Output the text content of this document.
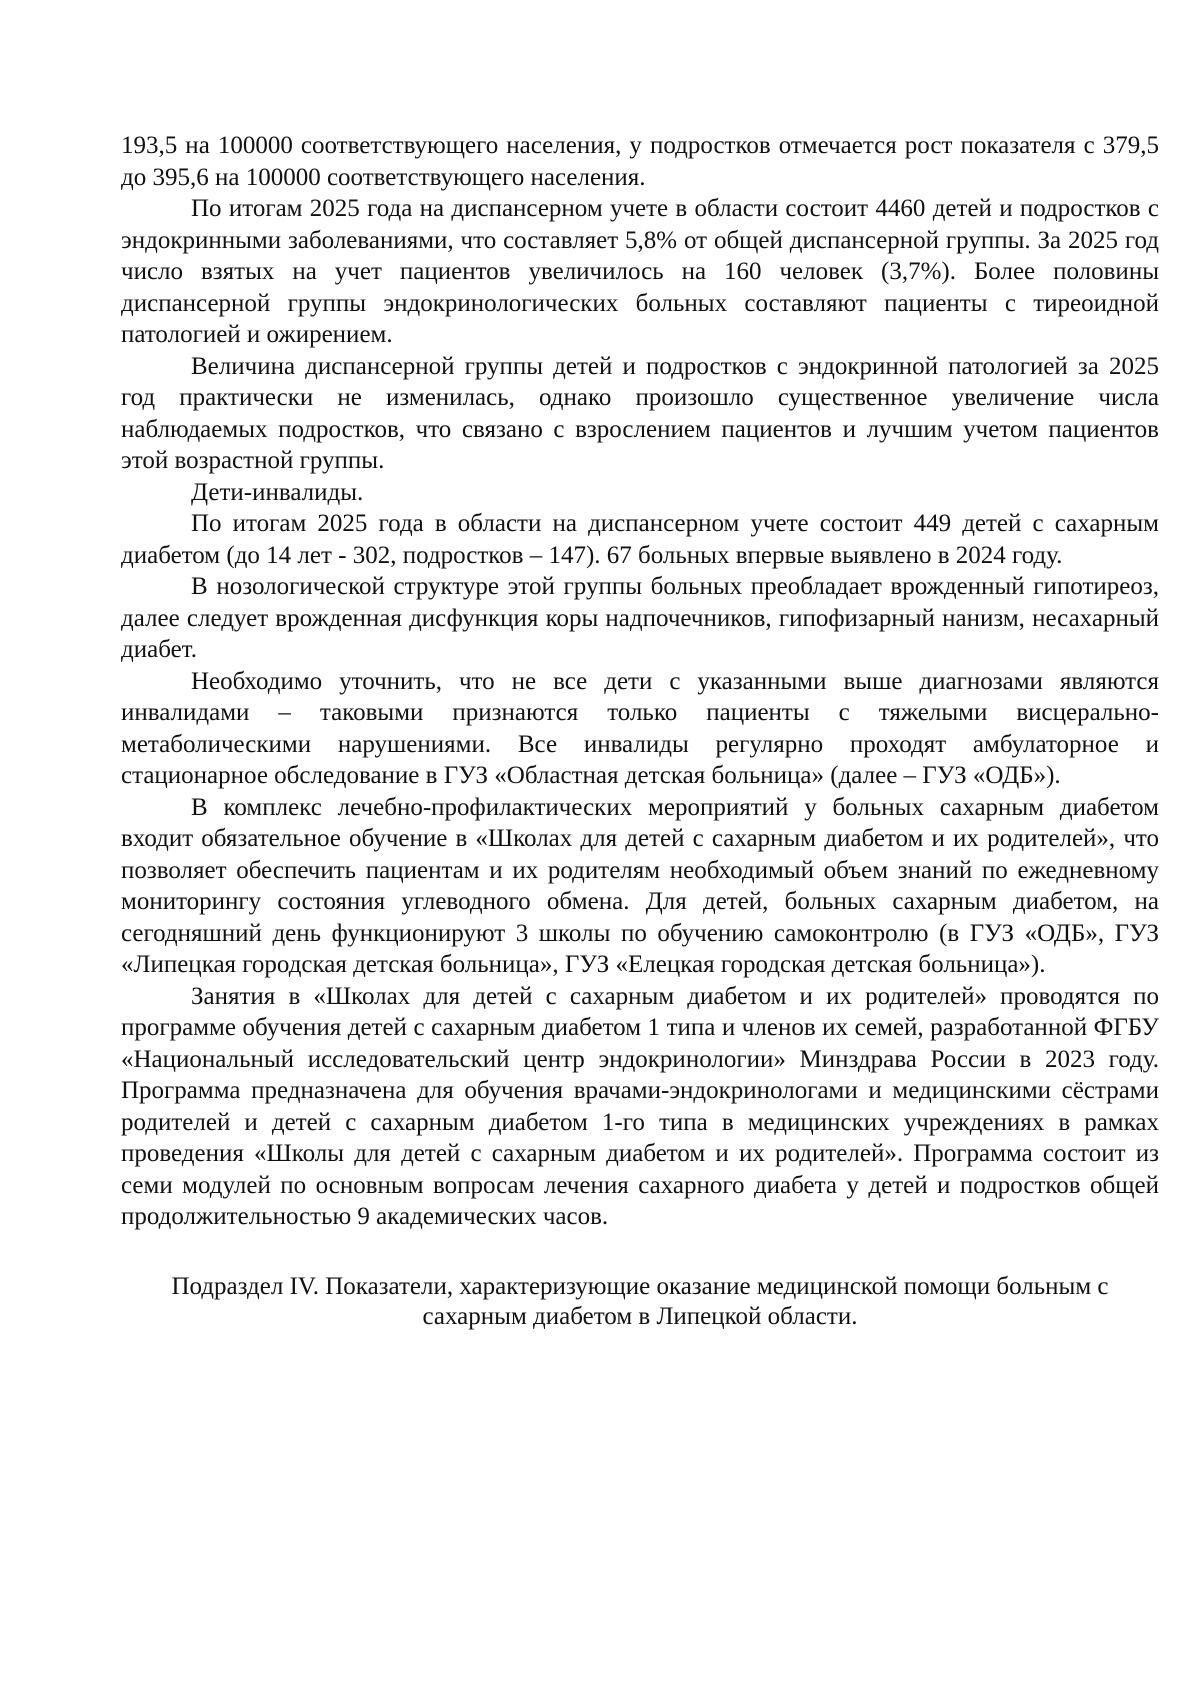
193,5 на 100000 соответствующего населения, у подростков отмечается рост показателя с 379,5 до 395,6 на 100000 соответствующего населения.

По итогам 2025 года на диспансерном учете в области состоит 4460 детей и подростков с эндокринными заболеваниями, что составляет 5,8% от общей диспансерной группы. За 2025 год число взятых на учет пациентов увеличилось на 160 человек (3,7%). Более половины диспансерной группы эндокринологических больных составляют пациенты с тиреоидной патологией и ожирением.

Величина диспансерной группы детей и подростков с эндокринной патологией за 2025 год практически не изменилась, однако произошло существенное увеличение числа наблюдаемых подростков, что связано с взрослением пациентов и лучшим учетом пациентов этой возрастной группы.

Дети-инвалиды.

По итогам 2025 года в области на диспансерном учете состоит 449 детей с сахарным диабетом (до 14 лет - 302, подростков – 147). 67 больных впервые выявлено в 2024 году.

В нозологической структуре этой группы больных преобладает врожденный гипотиреоз, далее следует врожденная дисфункция коры надпочечников, гипофизарный нанизм, несахарный диабет.

Необходимо уточнить, что не все дети с указанными выше диагнозами являются инвалидами – таковыми признаются только пациенты с тяжелыми висцерально-метаболическими нарушениями. Все инвалиды регулярно проходят амбулаторное и стационарное обследование в ГУЗ «Областная детская больница» (далее – ГУЗ «ОДБ»).

В комплекс лечебно-профилактических мероприятий у больных сахарным диабетом входит обязательное обучение в «Школах для детей с сахарным диабетом и их родителей», что позволяет обеспечить пациентам и их родителям необходимый объем знаний по ежедневному мониторингу состояния углеводного обмена. Для детей, больных сахарным диабетом, на сегодняшний день функционируют 3 школы по обучению самоконтролю (в ГУЗ «ОДБ», ГУЗ «Липецкая городская детская больница», ГУЗ «Елецкая городская детская больница»).

Занятия в «Школах для детей с сахарным диабетом и их родителей» проводятся по программе обучения детей с сахарным диабетом 1 типа и членов их семей, разработанной ФГБУ «Национальный исследовательский центр эндокринологии» Минздрава России в 2023 году. Программа предназначена для обучения врачами-эндокринологами и медицинскими сёстрами родителей и детей с сахарным диабетом 1-го типа в медицинских учреждениях в рамках проведения «Школы для детей с сахарным диабетом и их родителей». Программа состоит из семи модулей по основным вопросам лечения сахарного диабета у детей и подростков общей продолжительностью 9 академических часов.

Подраздел IV. Показатели, характеризующие оказание медицинской помощи больным с сахарным диабетом в Липецкой области.
